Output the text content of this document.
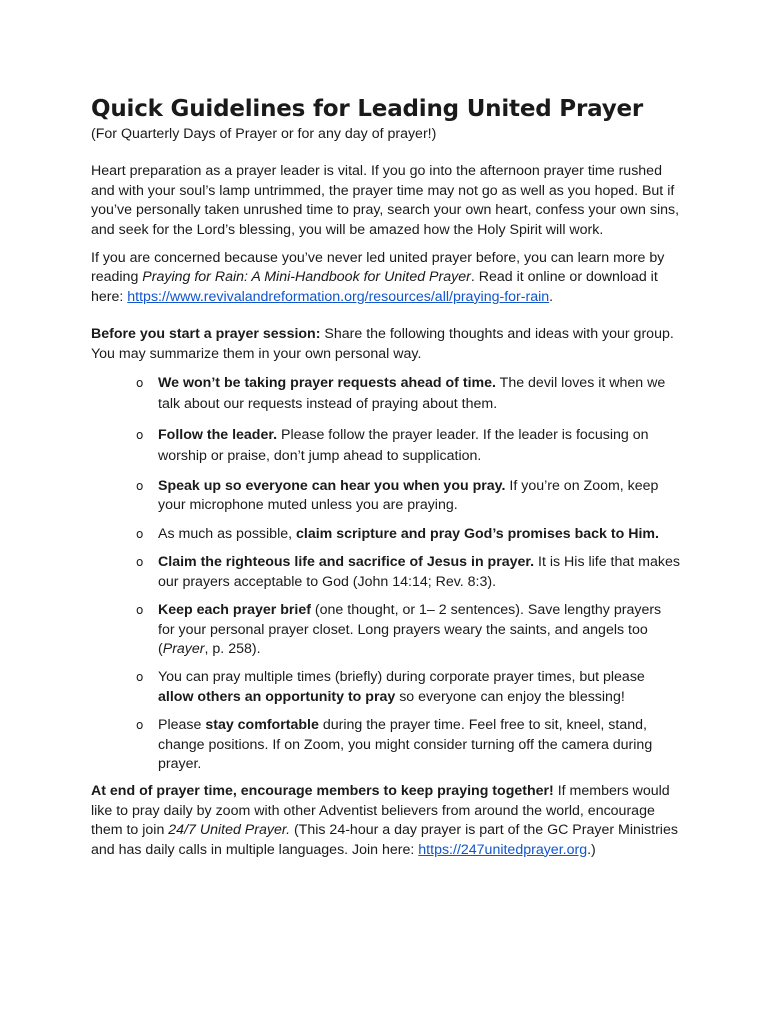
Quick Guidelines for Leading United Prayer

(For Quarterly Days of Prayer or for any day of prayer!)

Heart preparation as a prayer leader is vital. If you go into the afternoon prayer time rushed and with your soul’s lamp untrimmed, the prayer time may not go as well as you hoped. But if you’ve personally taken unrushed time to pray, search your own heart, confess your own sins, and seek for the Lord’s blessing, you will be amazed how the Holy Spirit will work.

If you are concerned because you’ve never led united prayer before, you can learn more by reading Praying for Rain: A Mini-Handbook for United Prayer. Read it online or download it here: https://www.revivalandreformation.org/resources/all/praying-for-rain.

Before you start a prayer session: Share the following thoughts and ideas with your group. You may summarize them in your own personal way.

o We won’t be taking prayer requests ahead of time. The devil loves it when we talk about our requests instead of praying about them.
o Follow the leader. Please follow the prayer leader. If the leader is focusing on worship or praise, don’t jump ahead to supplication.
o Speak up so everyone can hear you when you pray. If you’re on Zoom, keep your microphone muted unless you are praying.
o As much as possible, claim scripture and pray God’s promises back to Him.
o Claim the righteous life and sacrifice of Jesus in prayer. It is His life that makes our prayers acceptable to God (John 14:14; Rev. 8:3).
o Keep each prayer brief (one thought, or 1– 2 sentences). Save lengthy prayers for your personal prayer closet. Long prayers weary the saints, and angels too (Prayer, p. 258).
o You can pray multiple times (briefly) during corporate prayer times, but please allow others an opportunity to pray so everyone can enjoy the blessing!
o Please stay comfortable during the prayer time. Feel free to sit, kneel, stand, change positions. If on Zoom, you might consider turning off the camera during prayer.

At end of prayer time, encourage members to keep praying together! If members would like to pray daily by zoom with other Adventist believers from around the world, encourage them to join 24/7 United Prayer. (This 24-hour a day prayer is part of the GC Prayer Ministries and has daily calls in multiple languages. Join here: https://247unitedprayer.org.)
